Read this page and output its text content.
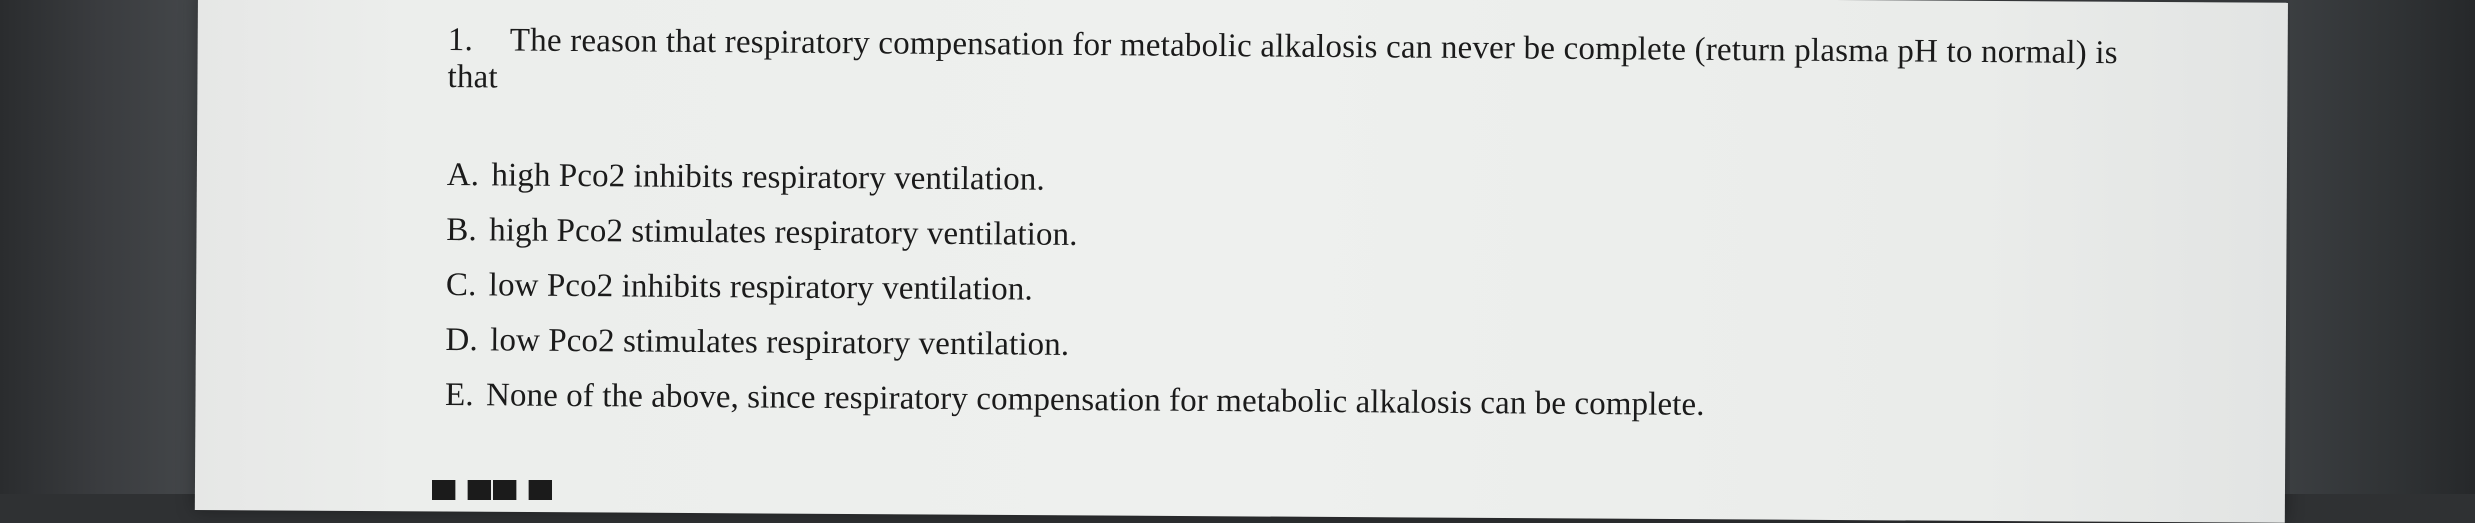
1. The reason that respiratory compensation for metabolic alkalosis can never be complete (return plasma pH to normal) is that

A. high Pco2 inhibits respiratory ventilation.
B. high Pco2 stimulates respiratory ventilation.
C. low Pco2 inhibits respiratory ventilation.
D. low Pco2 stimulates respiratory ventilation.
E. None of the above, since respiratory compensation for metabolic alkalosis can be complete.
▀ ▀▀ ▀
